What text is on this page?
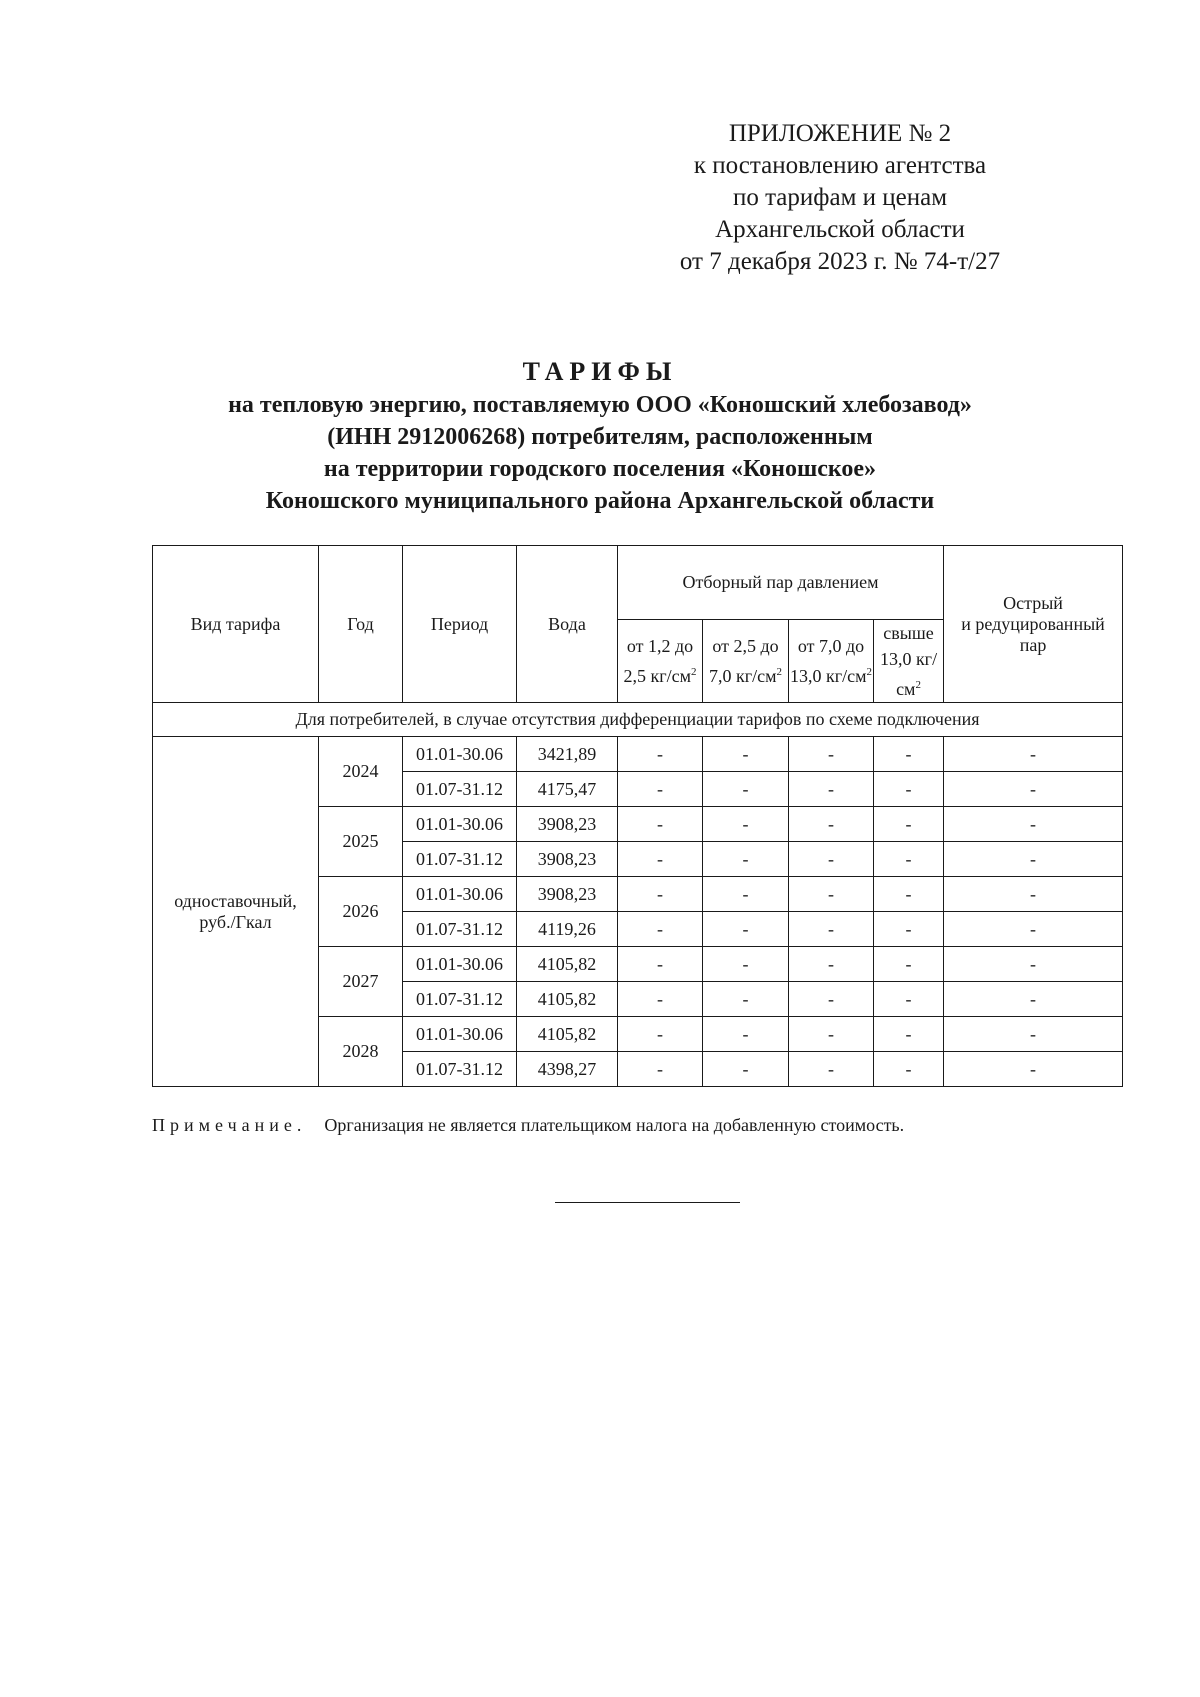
ПРИЛОЖЕНИЕ № 2
к постановлению агентства
по тарифам и ценам
Архангельской области
от 7 декабря 2023 г. № 74-т/27
ТАРИФЫ
на тепловую энергию, поставляемую ООО «Коношский хлебозавод»
(ИНН 2912006268) потребителям, расположенным
на территории городского поселения «Коношское»
Коношского муниципального района Архангельской области
Вид тарифа	Год	Период	Вода	Отборный пар давлением				Острый
и редуцированный
пар

				от 1,2 до 2,5 $кг/см^2$	от 2,5 до 7,0 $кг/см^2$	от 7,0 до 13,0 $кг/см^2$	свыше 13,0 $кг/см^2$
Для потребителей, в случае отсутствия дифференциации тарифов по схеме подключения								

одноставочный,
руб./Гкал	2024	01.01-30.06	3421,89	-	-	-	-	-
		01.07-31.12	4175,47	-	-	-	-	-
	2025	01.01-30.06	3908,23	-	-	-	-	-
		01.07-31.12	3908,23	-	-	-	-	-
	2026	01.01-30.06	3908,23	-	-	-	-	-
		01.07-31.12	4119,26	-	-	-	-	-
	2027	01.01-30.06	4105,82	-	-	-	-	-
		01.07-31.12	4105,82	-	-	-	-	-
	2028	01.01-30.06	4105,82	-	-	-	-	-
		01.07-31.12	4398,27	-	-	-	-	-
Примечание. Организация не является плательщиком налога на добавленную стоимость.
